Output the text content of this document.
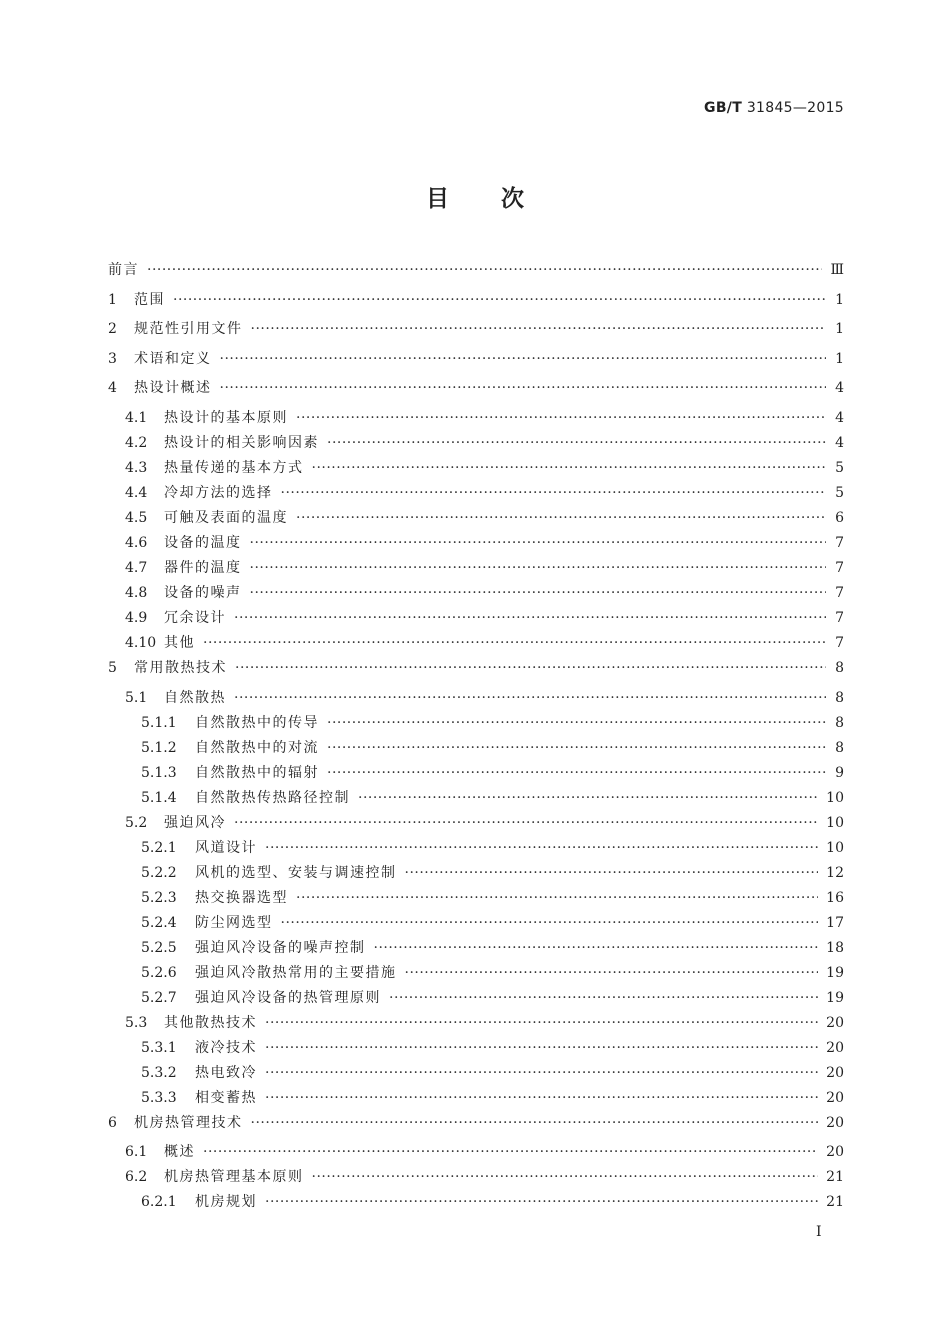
GB/T 31845—2015
目 次
前言 ·····	Ⅲ
1	范围 ·····	1
2	规范性引用文件 ·····	1
3	术语和定义 ·····	1
4	热设计概述 ·····	4
4.1	热设计的基本原则 ·····	4
4.2	热设计的相关影响因素 ·····	4
4.3	热量传递的基本方式 ·····	5
4.4	冷却方法的选择 ·····	5
4.5	可触及表面的温度 ·····	6
4.6	设备的温度 ·····	7
4.7	器件的温度 ·····	7
4.8	设备的噪声 ·····	7
4.9	冗余设计 ·····	7
4.10 其他 ·····	7
5	常用散热技术 ·····	8
5.1	自然散热 ·····	8
5.1.1	自然散热中的传导 ·····	8
5.1.2	自然散热中的对流 ·····	8
5.1.3	自然散热中的辐射 ·····	9
5.1.4	自然散热传热路径控制 ·····	10
5.2	强迫风冷 ·····	10
5.2.1	风道设计 ·····	10
5.2.2	风机的选型、安装与调速控制 ·····	12
5.2.3	热交换器选型 ·····	16
5.2.4	防尘网选型 ·····	17
5.2.5	强迫风冷设备的噪声控制 ·····	18
5.2.6	强迫风冷散热常用的主要措施 ·····	19
5.2.7	强迫风冷设备的热管理原则 ·····	19
5.3	其他散热技术 ·····	20
5.3.1	液冷技术 ·····	20
5.3.2	热电致冷 ·····	20
5.3.3	相变蓄热 ·····	20
6	机房热管理技术 ·····	20
6.1	概述 ·····	20
6.2	机房热管理基本原则 ·····	21
6.2.1	机房规划 ·····	21
I
